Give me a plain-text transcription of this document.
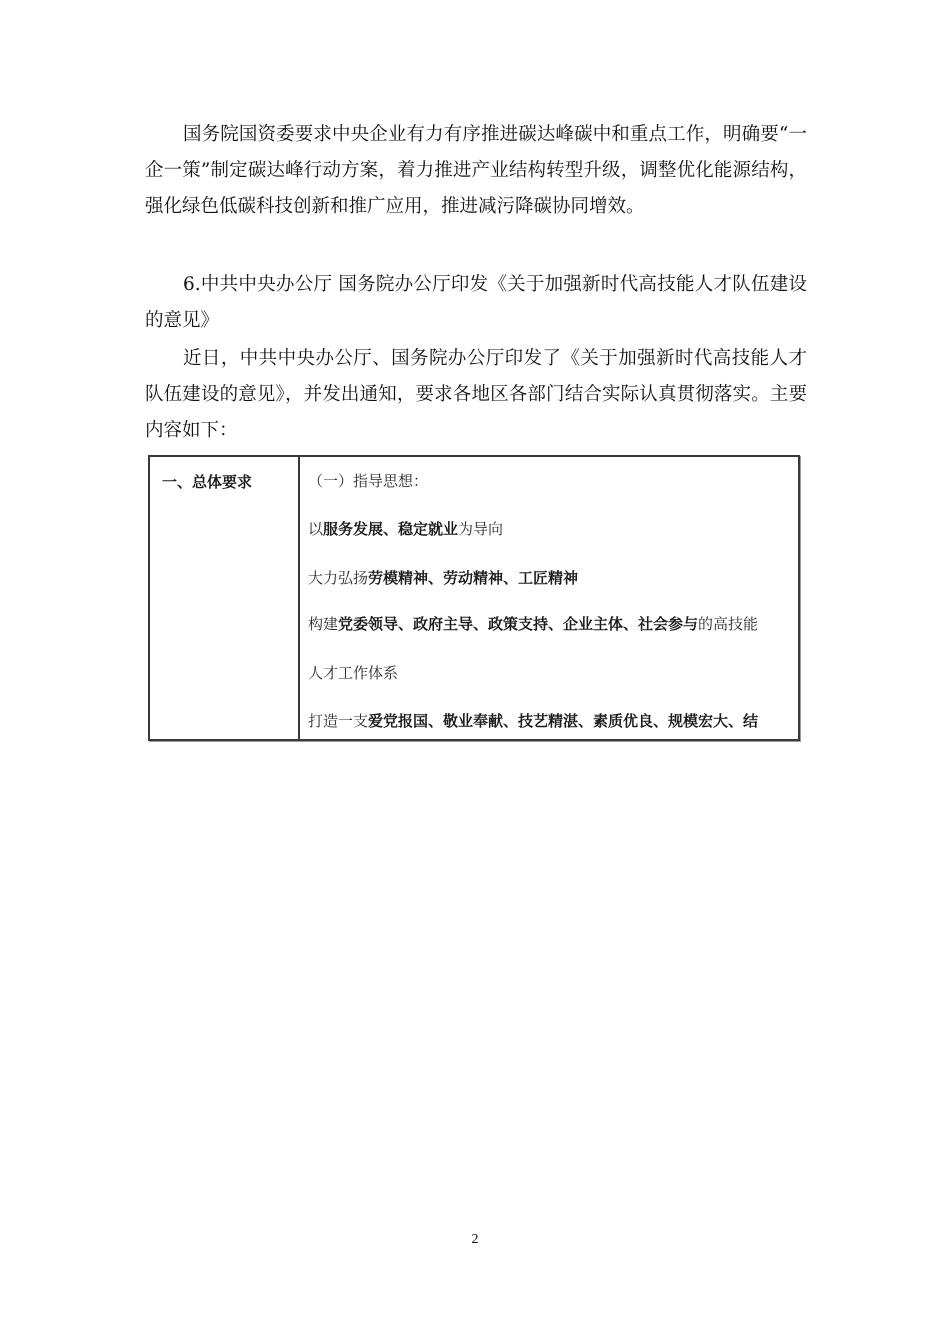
国务院国资委要求中央企业有力有序推进碳达峰碳中和重点工作，明确要“一企一策”制定碳达峰行动方案，着力推进产业结构转型升级，调整优化能源结构，强化绿色低碳科技创新和推广应用，推进减污降碳协同增效。

6.中共中央办公厅 国务院办公厅印发《关于加强新时代高技能人才队伍建设的意见》

近日，中共中央办公厅、国务院办公厅印发了《关于加强新时代高技能人才队伍建设的意见》，并发出通知，要求各地区各部门结合实际认真贯彻落实。主要内容如下：

一、总体要求	（一）指导思想：
以服务发展、稳定就业为导向
大力弘扬劳模精神、劳动精神、工匠精神
构建党委领导、政府主导、政策支持、企业主体、社会参与的高技能
人才工作体系
打造一支爱党报国、敬业奉献、技艺精湛、素质优良、规模宏大、结
2
